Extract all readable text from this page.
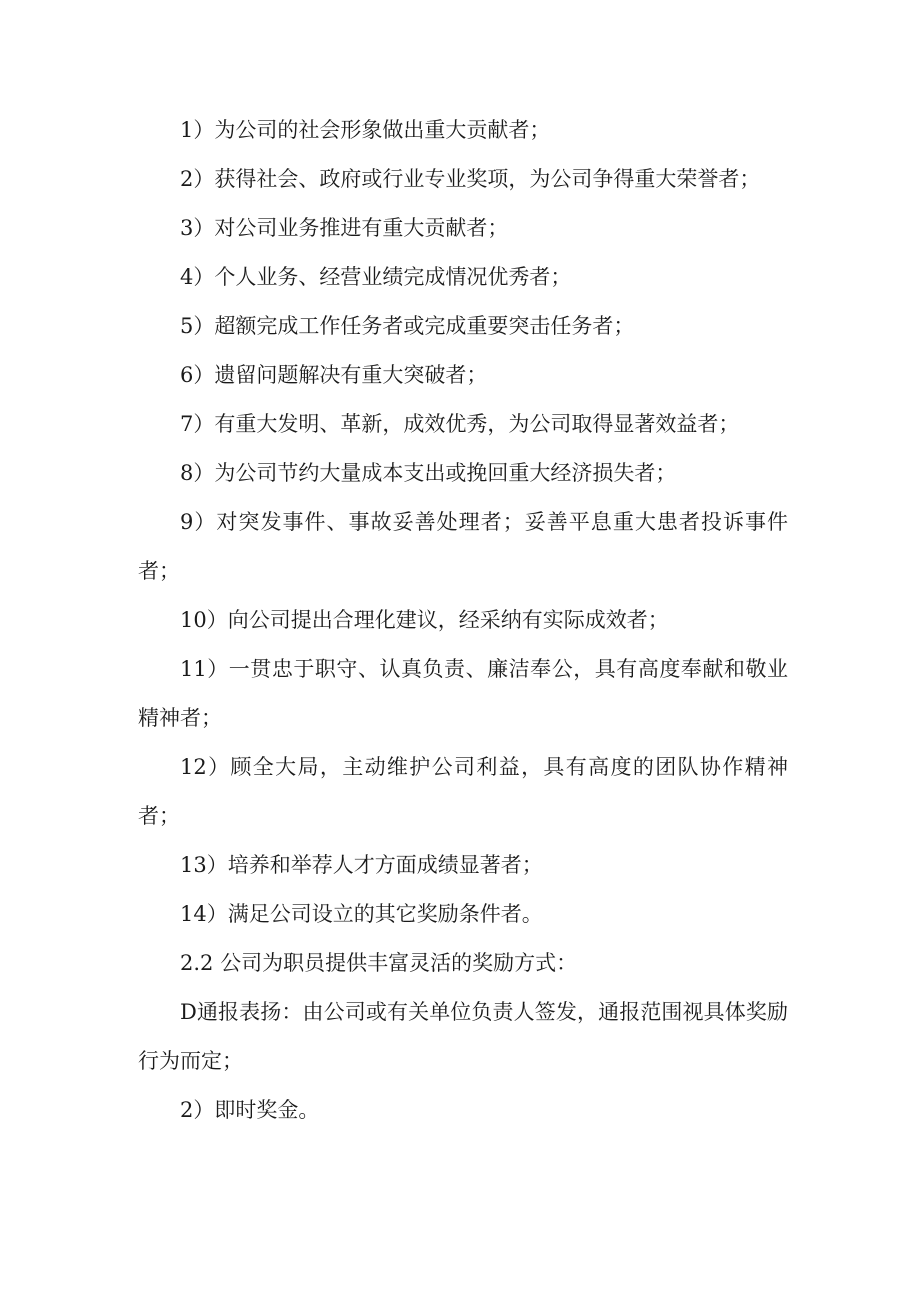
1）为公司的社会形象做出重大贡献者；

2）获得社会、政府或行业专业奖项，为公司争得重大荣誉者；

3）对公司业务推进有重大贡献者；

4）个人业务、经营业绩完成情况优秀者；

5）超额完成工作任务者或完成重要突击任务者；

6）遗留问题解决有重大突破者；

7）有重大发明、革新，成效优秀，为公司取得显著效益者；

8）为公司节约大量成本支出或挽回重大经济损失者；

9）对突发事件、事故妥善处理者；妥善平息重大患者投诉事件者；

10）向公司提出合理化建议，经采纳有实际成效者；

11）一贯忠于职守、认真负责、廉洁奉公，具有高度奉献和敬业精神者；

12）顾全大局，主动维护公司利益，具有高度的团队协作精神者；

13）培养和举荐人才方面成绩显著者；

14）满足公司设立的其它奖励条件者。

2.2 公司为职员提供丰富灵活的奖励方式：

D通报表扬：由公司或有关单位负责人签发，通报范围视具体奖励行为而定；

2）即时奖金。
